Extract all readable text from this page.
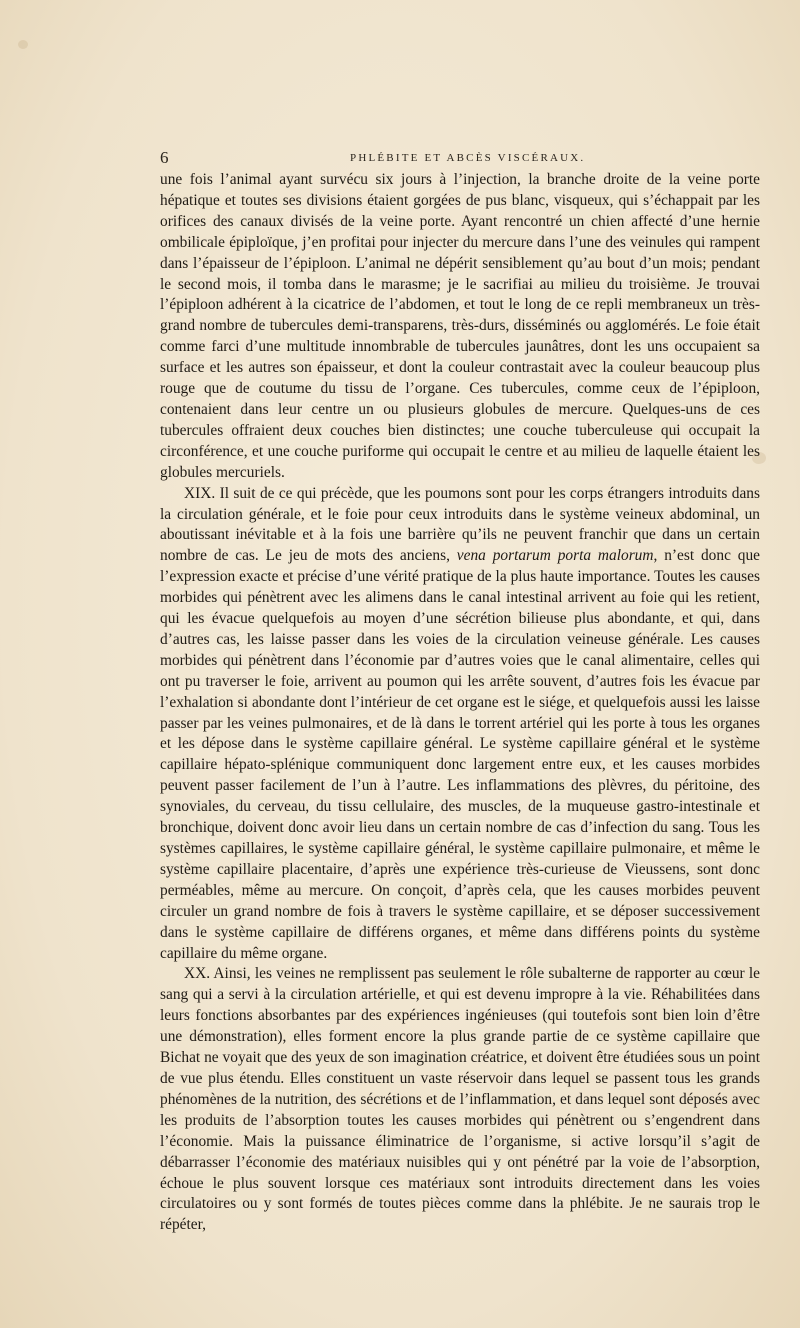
6	PHLÉBITE ET ABCÈS VISCÉRAUX.

une fois l’animal ayant survécu six jours à l’injection, la branche droite de la veine porte hépatique et toutes ses divisions étaient gorgées de pus blanc, visqueux, qui s’échappait par les orifices des canaux divisés de la veine porte. Ayant rencontré un chien affecté d’une hernie ombilicale épiploïque, j’en profitai pour injecter du mercure dans l’une des veinules qui rampent dans l’épaisseur de l’épiploon. L’animal ne dépérit sensiblement qu’au bout d’un mois; pendant le second mois, il tomba dans le marasme; je le sacrifiai au milieu du troisième. Je trouvai l’épiploon adhérent à la cicatrice de l’abdomen, et tout le long de ce repli membraneux un très-grand nombre de tubercules demi-transparens, très-durs, disséminés ou agglomérés. Le foie était comme farci d’une multitude innombrable de tubercules jaunâtres, dont les uns occupaient sa surface et les autres son épaisseur, et dont la couleur contrastait avec la couleur beaucoup plus rouge que de coutume du tissu de l’organe. Ces tubercules, comme ceux de l’épiploon, contenaient dans leur centre un ou plusieurs globules de mercure. Quelques-uns de ces tubercules offraient deux couches bien distinctes; une couche tuberculeuse qui occupait la circonférence, et une couche puriforme qui occupait le centre et au milieu de laquelle étaient les globules mercuriels.

XIX. Il suit de ce qui précède, que les poumons sont pour les corps étrangers introduits dans la circulation générale, et le foie pour ceux introduits dans le système veineux abdominal, un aboutissant inévitable et à la fois une barrière qu’ils ne peuvent franchir que dans un certain nombre de cas. Le jeu de mots des anciens, vena portarum porta malorum, n’est donc que l’expression exacte et précise d’une vérité pratique de la plus haute importance. Toutes les causes morbides qui pénètrent avec les alimens dans le canal intestinal arrivent au foie qui les retient, qui les évacue quelquefois au moyen d’une sécrétion bilieuse plus abondante, et qui, dans d’autres cas, les laisse passer dans les voies de la circulation veineuse générale. Les causes morbides qui pénètrent dans l’économie par d’autres voies que le canal alimentaire, celles qui ont pu traverser le foie, arrivent au poumon qui les arrête souvent, d’autres fois les évacue par l’exhalation si abondante dont l’intérieur de cet organe est le siége, et quelquefois aussi les laisse passer par les veines pulmonaires, et de là dans le torrent artériel qui les porte à tous les organes et les dépose dans le système capillaire général. Le système capillaire général et le système capillaire hépato-splénique communiquent donc largement entre eux, et les causes morbides peuvent passer facilement de l’un à l’autre. Les inflammations des plèvres, du péritoine, des synoviales, du cerveau, du tissu cellulaire, des muscles, de la muqueuse gastro-intestinale et bronchique, doivent donc avoir lieu dans un certain nombre de cas d’infection du sang. Tous les systèmes capillaires, le système capillaire général, le système capillaire pulmonaire, et même le système capillaire placentaire, d’après une expérience très-curieuse de Vieussens, sont donc perméables, même au mercure. On conçoit, d’après cela, que les causes morbides peuvent circuler un grand nombre de fois à travers le système capillaire, et se déposer successivement dans le système capillaire de différens organes, et même dans différens points du système capillaire du même organe.

XX. Ainsi, les veines ne remplissent pas seulement le rôle subalterne de rapporter au cœur le sang qui a servi à la circulation artérielle, et qui est devenu impropre à la vie. Réhabilitées dans leurs fonctions absorbantes par des expériences ingénieuses (qui toutefois sont bien loin d’être une démonstration), elles forment encore la plus grande partie de ce système capillaire que Bichat ne voyait que des yeux de son imagination créatrice, et doivent être étudiées sous un point de vue plus étendu. Elles constituent un vaste réservoir dans lequel se passent tous les grands phénomènes de la nutrition, des sécrétions et de l’inflammation, et dans lequel sont déposés avec les produits de l’absorption toutes les causes morbides qui pénètrent ou s’engendrent dans l’économie. Mais la puissance éliminatrice de l’organisme, si active lorsqu’il s’agit de débarrasser l’économie des matériaux nuisibles qui y ont pénétré par la voie de l’absorption, échoue le plus souvent lorsque ces matériaux sont introduits directement dans les voies circulatoires ou y sont formés de toutes pièces comme dans la phlébite. Je ne saurais trop le répéter,
